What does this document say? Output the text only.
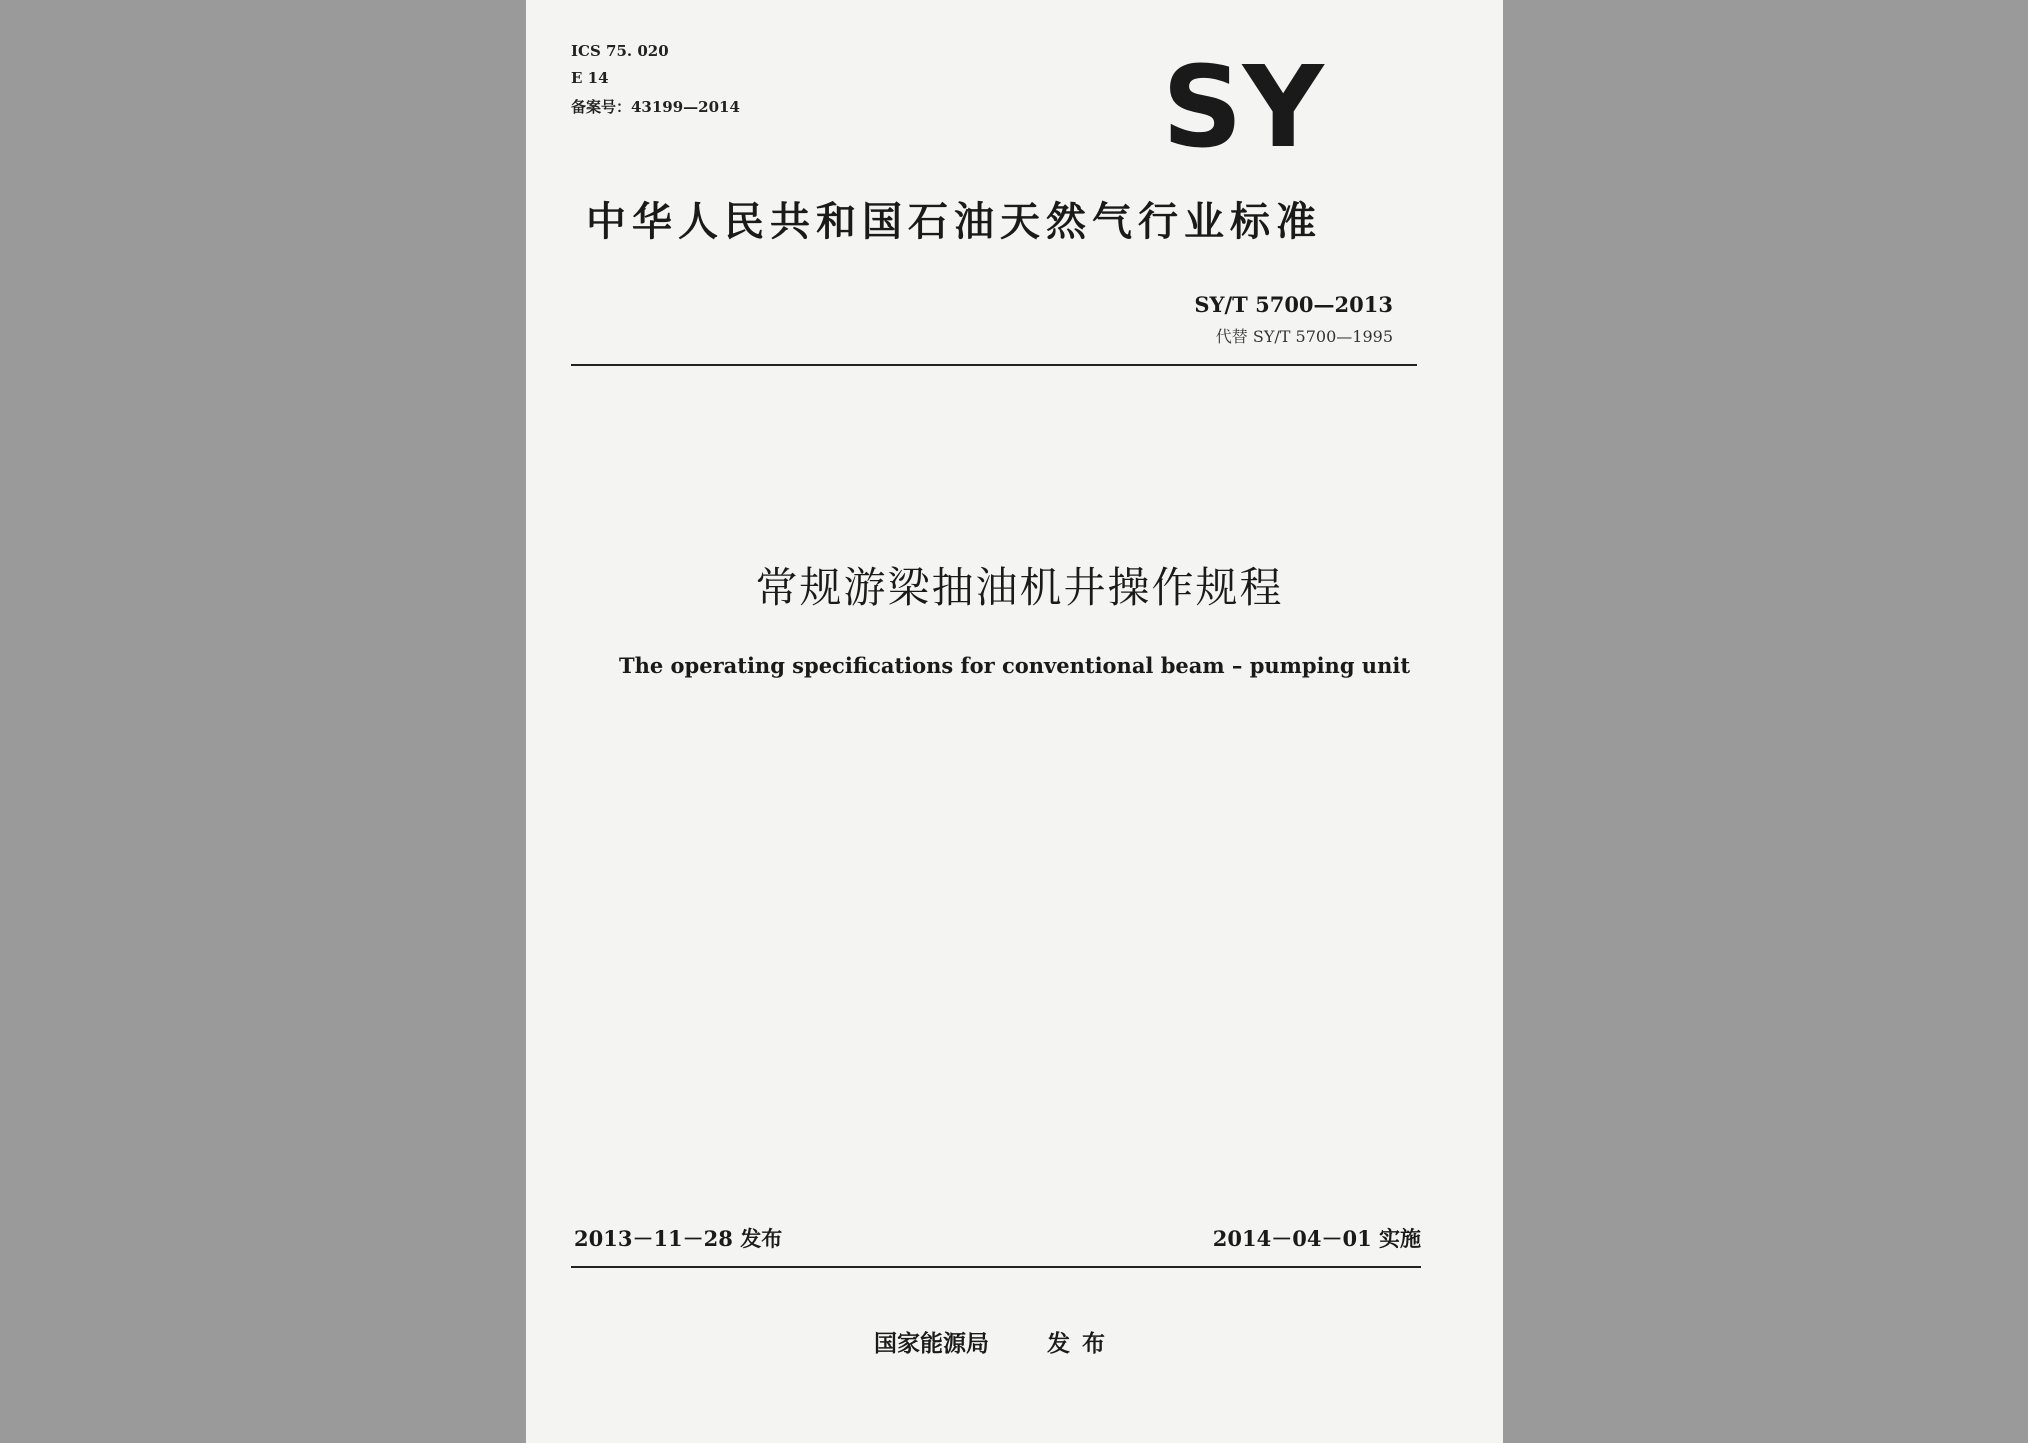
ICS 75. 020
E 14
备案号：43199—2014	SY
中华人民共和国石油天然气行业标准
SY/T 5700—2013
代替 SY/T 5700—1995
常规游梁抽油机井操作规程
The operating specifications for conventional beam – pumping unit
2013－11－28 发布	2014－04－01 实施
国家能源局	发布
